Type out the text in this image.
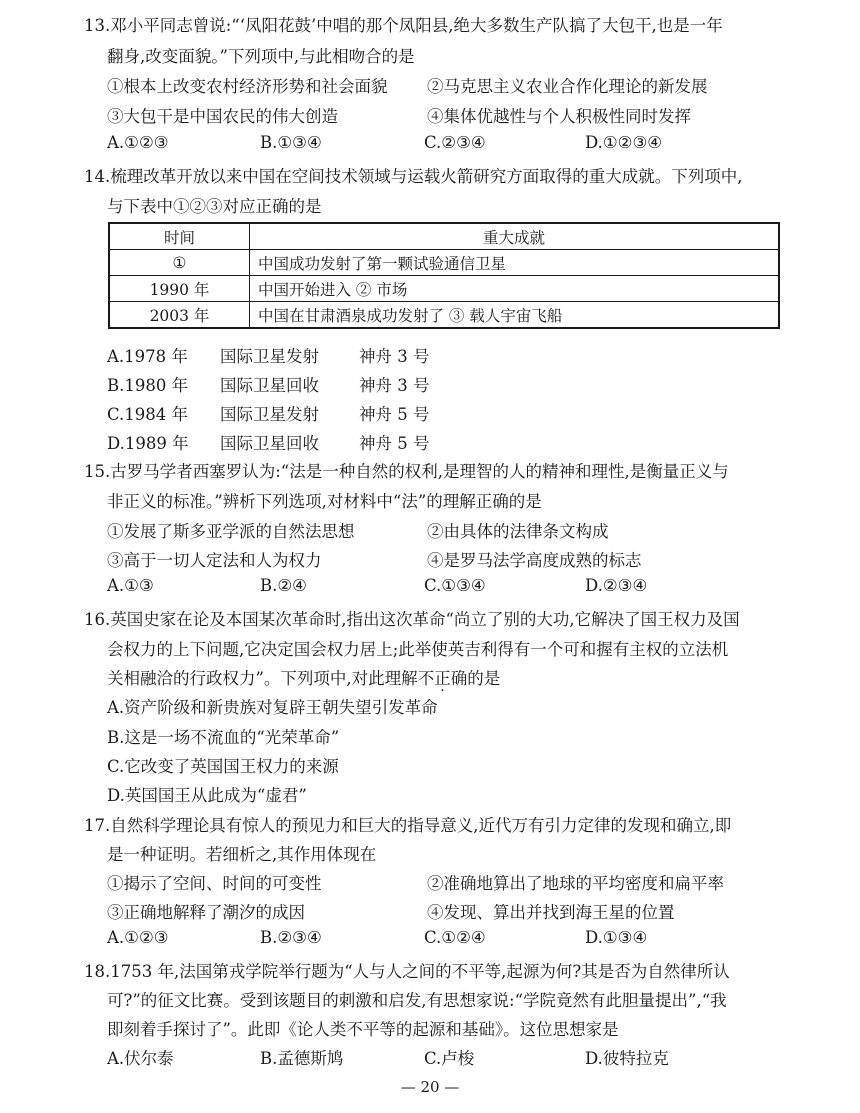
13.邓小平同志曾说:“‘凤阳花鼓’中唱的那个凤阳县,绝大多数生产队搞了大包干,也是一年
翻身,改变面貌。”下列项中,与此相吻合的是
①根本上改变农村经济形势和社会面貌 ②马克思主义农业合作化理论的新发展
③大包干是中国农民的伟大创造	④集体优越性与个人积极性同时发挥
A.①②③	B.①③④	C.②③④	D.①②③④
14.梳理改革开放以来中国在空间技术领域与运载火箭研究方面取得的重大成就。下列项中,
与下表中①②③对应正确的是
时间	重大成就
①	中国成功发射了第一颗试验通信卫星
1990 年	中国开始进入 ② 市场
2003 年	中国在甘肃酒泉成功发射了 ③ 载人宇宙飞船
A.1978 年 国际卫星发射 神舟 3 号
B.1980 年 国际卫星回收 神舟 3 号
C.1984 年 国际卫星发射 神舟 5 号
D.1989 年 国际卫星回收 神舟 5 号
15.古罗马学者西塞罗认为:“法是一种自然的权利,是理智的人的精神和理性,是衡量正义与
非正义的标准。”辨析下列选项,对材料中“法”的理解正确的是
①发展了斯多亚学派的自然法思想	②由具体的法律条文构成
③高于一切人定法和人为权力	④是罗马法学高度成熟的标志
A.①③	B.②④	C.①③④	D.②③④
16.英国史家在论及本国某次革命时,指出这次革命“尚立了别的大功,它解决了国王权力及国
会权力的上下问题,它决定国会权力居上;此举使英吉利得有一个可和握有主权的立法机
关相融洽的行政权力”。下列项中,对此理解不正确的是
A.资产阶级和新贵族对复辟王朝失望引发革命
B.这是一场不流血的“光荣革命”
C.它改变了英国国王权力的来源
D.英国国王从此成为“虚君”
17.自然科学理论具有惊人的预见力和巨大的指导意义,近代万有引力定律的发现和确立,即
是一种证明。若细析之,其作用体现在
①揭示了空间、时间的可变性	②准确地算出了地球的平均密度和扁平率
③正确地解释了潮汐的成因	④发现、算出并找到海王星的位置
A.①②③	B.②③④	C.①②④	D.①③④
18.1753 年,法国第戎学院举行题为“人与人之间的不平等,起源为何?其是否为自然律所认
可?”的征文比赛。受到该题目的刺激和启发,有思想家说:“学院竟然有此胆量提出”,“我
即刻着手探讨了”。此即《论人类不平等的起源和基础》。这位思想家是
A.伏尔泰	B.孟德斯鸠	C.卢梭	D.彼特拉克
— 20 —
